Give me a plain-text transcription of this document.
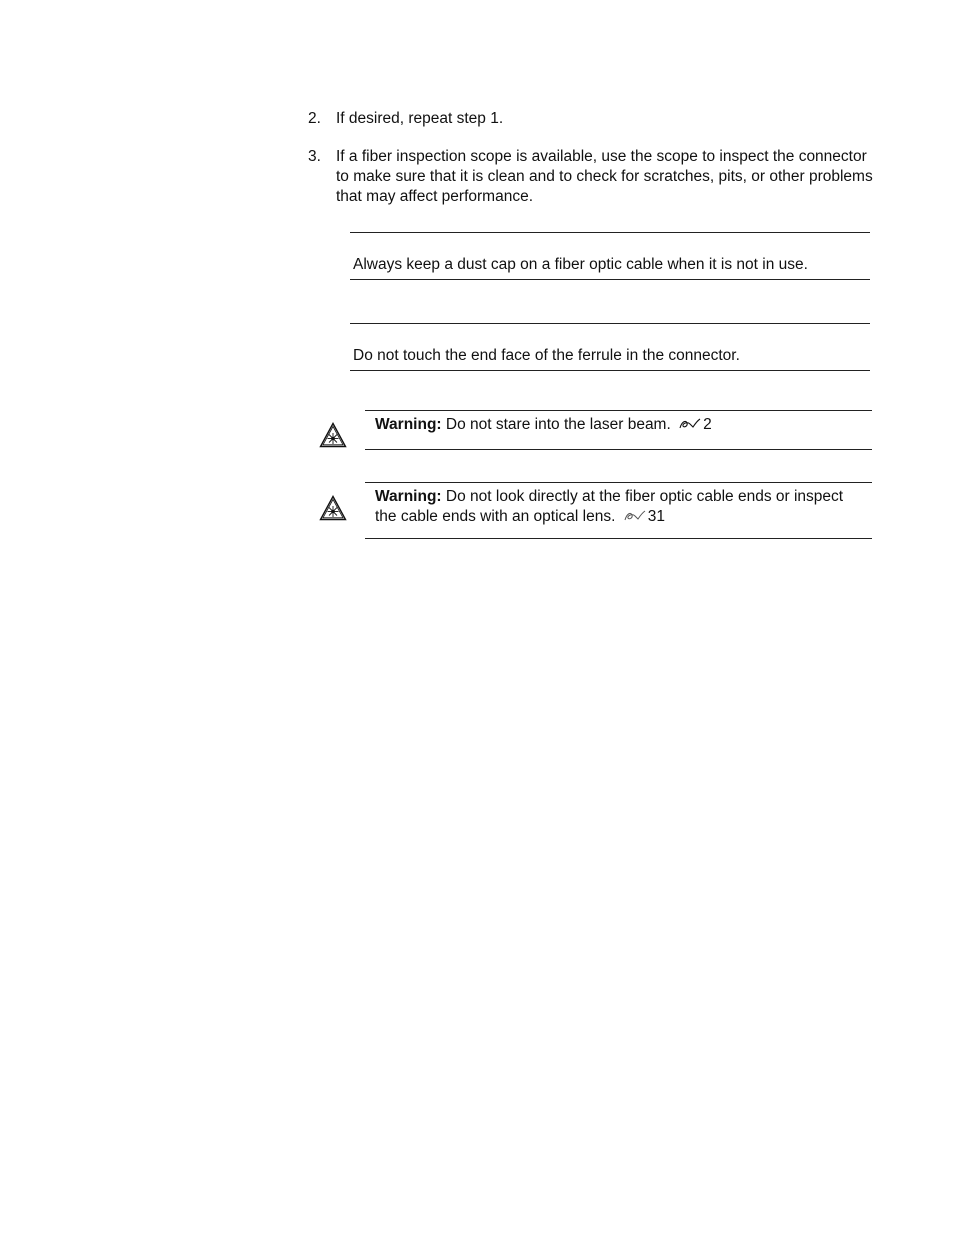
2. If desired, repeat step 1.
3. If a fiber inspection scope is available, use the scope to inspect the connector to make sure that it is clean and to check for scratches, pits, or other problems that may affect performance.
Always keep a dust cap on a fiber optic cable when it is not in use.
Do not touch the end face of the ferrule in the connector.
Warning: Do not stare into the laser beam. 2
Warning: Do not look directly at the fiber optic cable ends or inspect the cable ends with an optical lens. 31
